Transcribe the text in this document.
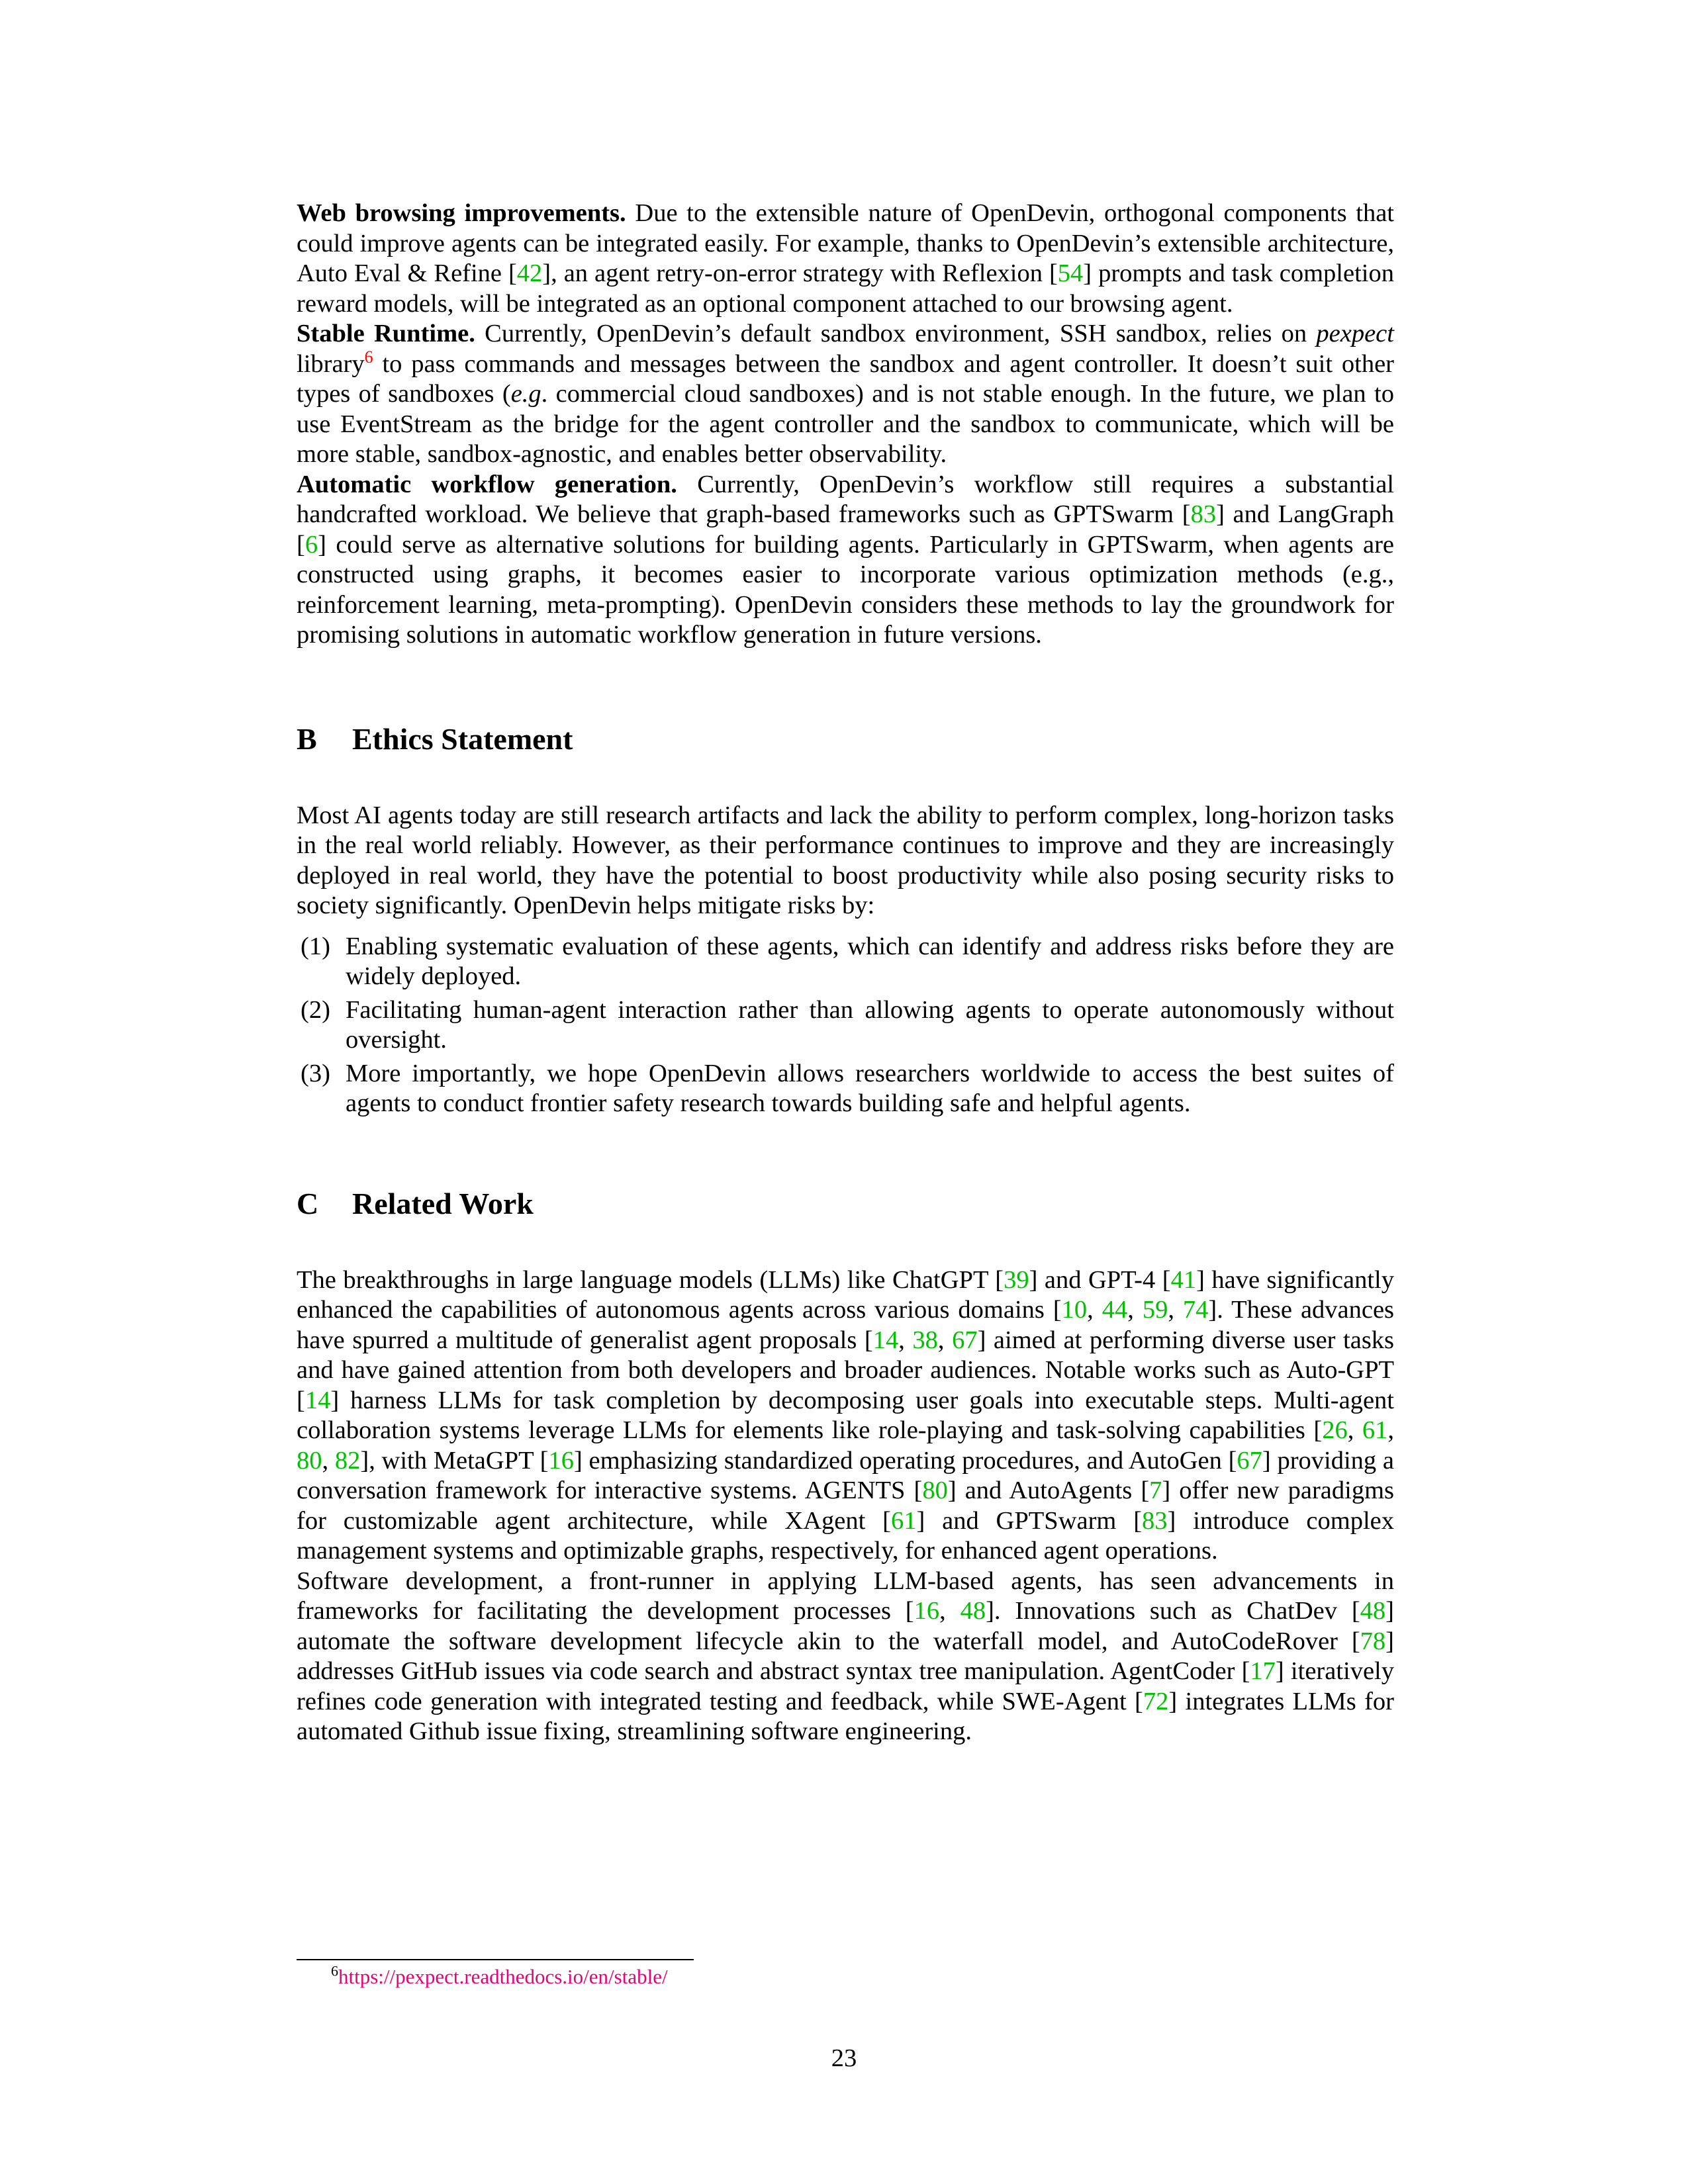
Web browsing improvements. Due to the extensible nature of OpenDevin, orthogonal components that could improve agents can be integrated easily. For example, thanks to OpenDevin’s extensible architecture, Auto Eval & Refine [42], an agent retry-on-error strategy with Reflexion [54] prompts and task completion reward models, will be integrated as an optional component attached to our browsing agent.

Stable Runtime. Currently, OpenDevin’s default sandbox environment, SSH sandbox, relies on pexpect library$^6$ to pass commands and messages between the sandbox and agent controller. It doesn’t suit other types of sandboxes (e.g. commercial cloud sandboxes) and is not stable enough. In the future, we plan to use EventStream as the bridge for the agent controller and the sandbox to communicate, which will be more stable, sandbox-agnostic, and enables better observability.

Automatic workflow generation. Currently, OpenDevin’s workflow still requires a substantial handcrafted workload. We believe that graph-based frameworks such as GPTSwarm [83] and LangGraph [6] could serve as alternative solutions for building agents. Particularly in GPTSwarm, when agents are constructed using graphs, it becomes easier to incorporate various optimization methods (e.g., reinforcement learning, meta-prompting). OpenDevin considers these methods to lay the groundwork for promising solutions in automatic workflow generation in future versions.

B Ethics Statement

Most AI agents today are still research artifacts and lack the ability to perform complex, long-horizon tasks in the real world reliably. However, as their performance continues to improve and they are increasingly deployed in real world, they have the potential to boost productivity while also posing security risks to society significantly. OpenDevin helps mitigate risks by:

(1) Enabling systematic evaluation of these agents, which can identify and address risks before they are widely deployed.
(2) Facilitating human-agent interaction rather than allowing agents to operate autonomously without oversight.
(3) More importantly, we hope OpenDevin allows researchers worldwide to access the best suites of agents to conduct frontier safety research towards building safe and helpful agents.
C Related Work

The breakthroughs in large language models (LLMs) like ChatGPT [39] and GPT-4 [41] have significantly enhanced the capabilities of autonomous agents across various domains [10, 44, 59, 74]. These advances have spurred a multitude of generalist agent proposals [14, 38, 67] aimed at performing diverse user tasks and have gained attention from both developers and broader audiences. Notable works such as Auto-GPT [14] harness LLMs for task completion by decomposing user goals into executable steps. Multi-agent collaboration systems leverage LLMs for elements like role-playing and task-solving capabilities [26, 61, 80, 82], with MetaGPT [16] emphasizing standardized operating procedures, and AutoGen [67] providing a conversation framework for interactive systems. AGENTS [80] and AutoAgents [7] offer new paradigms for customizable agent architecture, while XAgent [61] and GPTSwarm [83] introduce complex management systems and optimizable graphs, respectively, for enhanced agent operations.

Software development, a front-runner in applying LLM-based agents, has seen advancements in frameworks for facilitating the development processes [16, 48]. Innovations such as ChatDev [48] automate the software development lifecycle akin to the waterfall model, and AutoCodeRover [78] addresses GitHub issues via code search and abstract syntax tree manipulation. AgentCoder [17] iteratively refines code generation with integrated testing and feedback, while SWE-Agent [72] integrates LLMs for automated Github issue fixing, streamlining software engineering.

$^6$https://pexpect.readthedocs.io/en/stable/
23
